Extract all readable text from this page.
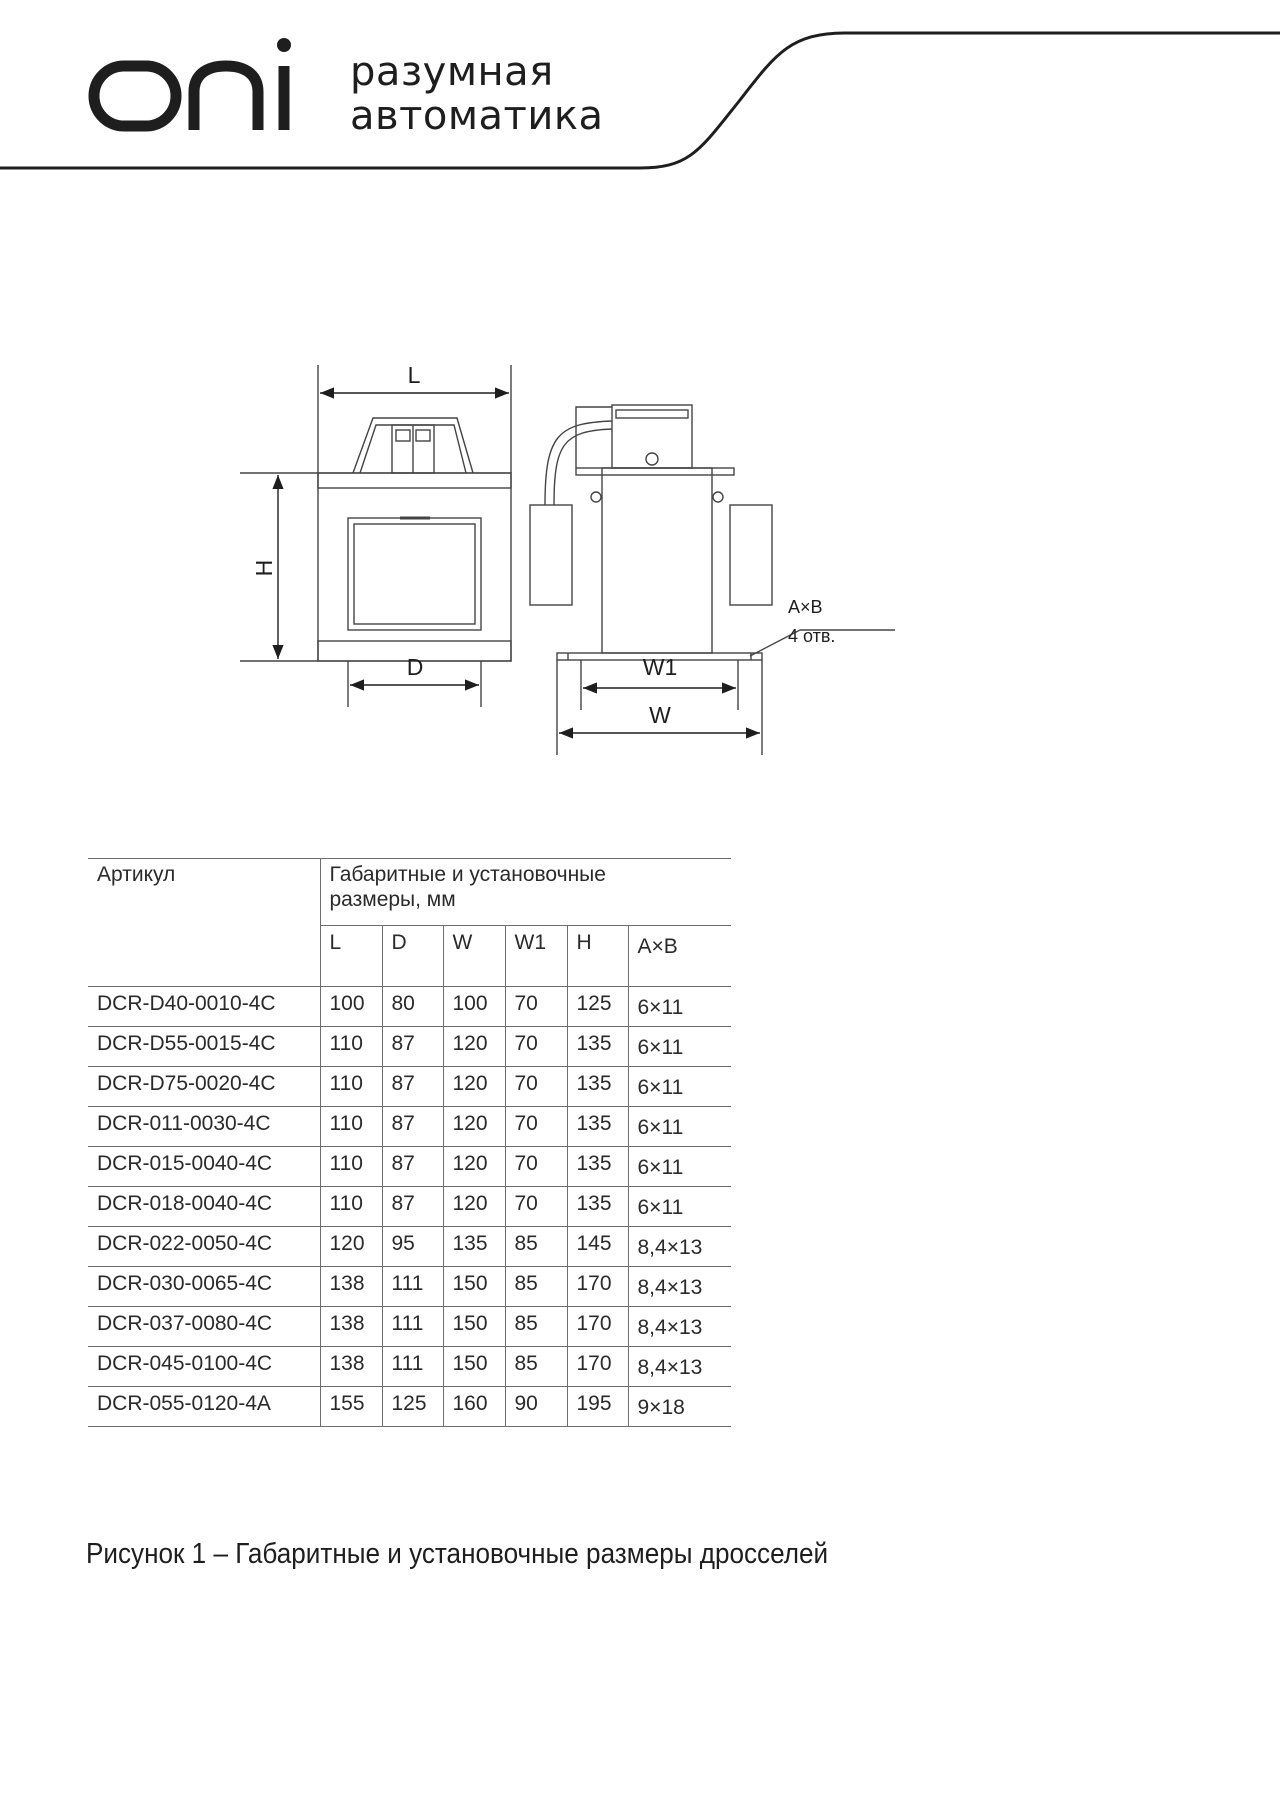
разумная
автоматика
L
H
D	W1
W
A×B
4 отв.
Артикул	Габаритные и установочные
размеры, мм					

	L	D	W	W1	H	A×B
DCR-D40-0010-4C	100	80	100	70	125	6×11
DCR-D55-0015-4C	110	87	120	70	135	6×11
DCR-D75-0020-4C	110	87	120	70	135	6×11
DCR-011-0030-4C	110	87	120	70	135	6×11
DCR-015-0040-4C	110	87	120	70	135	6×11
DCR-018-0040-4C	110	87	120	70	135	6×11
DCR-022-0050-4C	120	95	135	85	145	8,4×13
DCR-030-0065-4C	138	111	150	85	170	8,4×13
DCR-037-0080-4C	138	111	150	85	170	8,4×13
DCR-045-0100-4C	138	111	150	85	170	8,4×13
DCR-055-0120-4A	155	125	160	90	195	9×18
Рисунок 1 – Габаритные и установочные размеры дросселей
